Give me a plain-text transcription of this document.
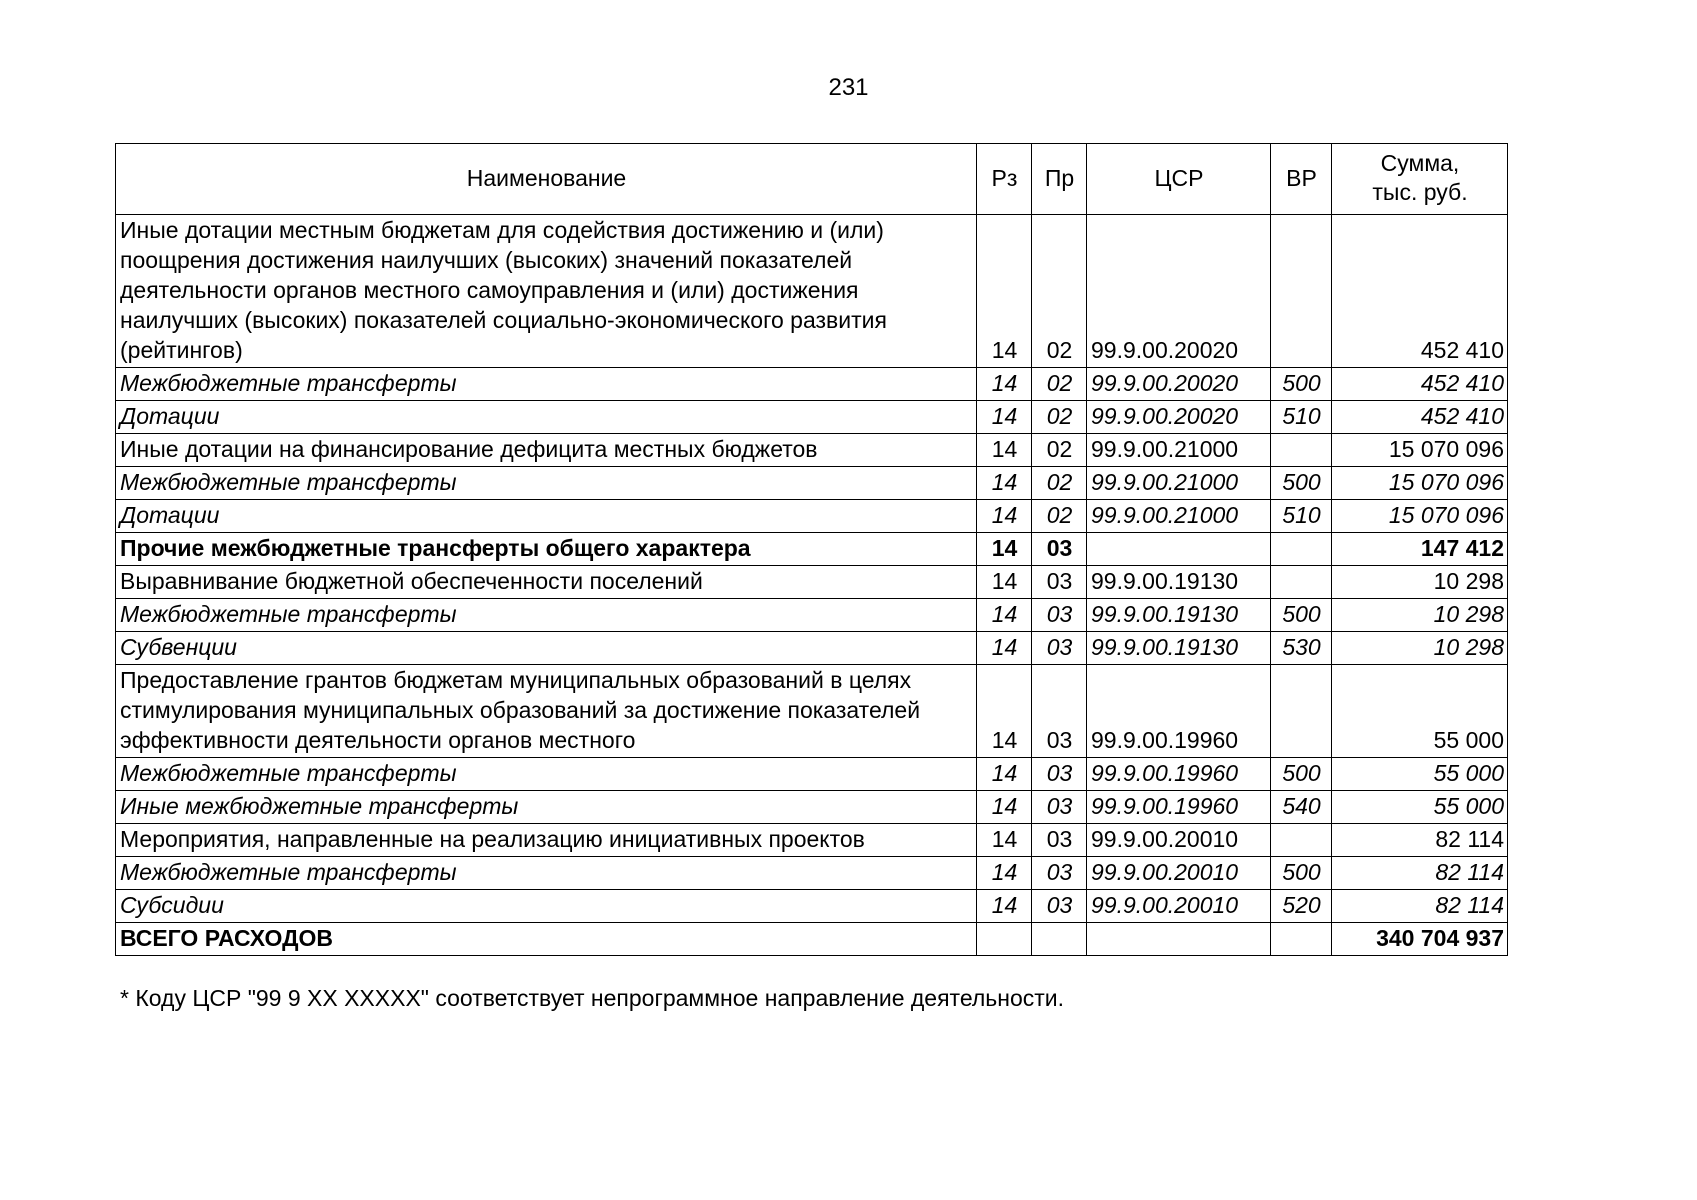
231
Наименование	Рз	Пр	ЦСР	ВР	Сумма,
тыс. руб.
Иные дотации местным бюджетам для содействия достижению и (или) поощрения достижения наилучших (высоких) значений показателей деятельности органов местного самоуправления и (или) достижения наилучших (высоких) показателей социально-экономического развития (рейтингов)	14	02	99.9.00.20020		452 410
Межбюджетные трансферты	14	02	99.9.00.20020	500	452 410
Дотации	14	02	99.9.00.20020	510	452 410
Иные дотации на финансирование дефицита местных бюджетов	14	02	99.9.00.21000		15 070 096
Межбюджетные трансферты	14	02	99.9.00.21000	500	15 070 096
Дотации	14	02	99.9.00.21000	510	15 070 096
Прочие межбюджетные трансферты общего характера	14	03			147 412
Выравнивание бюджетной обеспеченности поселений	14	03	99.9.00.19130		10 298
Межбюджетные трансферты	14	03	99.9.00.19130	500	10 298
Субвенции	14	03	99.9.00.19130	530	10 298
Предоставление грантов бюджетам муниципальных образований в целях стимулирования муниципальных образований за достижение показателей эффективности деятельности органов местного	14	03	99.9.00.19960		55 000
Межбюджетные трансферты	14	03	99.9.00.19960	500	55 000
Иные межбюджетные трансферты	14	03	99.9.00.19960	540	55 000
Мероприятия, направленные на реализацию инициативных проектов	14	03	99.9.00.20010		82 114
Межбюджетные трансферты	14	03	99.9.00.20010	500	82 114
Субсидии	14	03	99.9.00.20010	520	82 114
ВСЕГО РАСХОДОВ					340 704 937
* Коду ЦСР "99 9 XX XXXXX" соответствует непрограммное направление деятельности.
